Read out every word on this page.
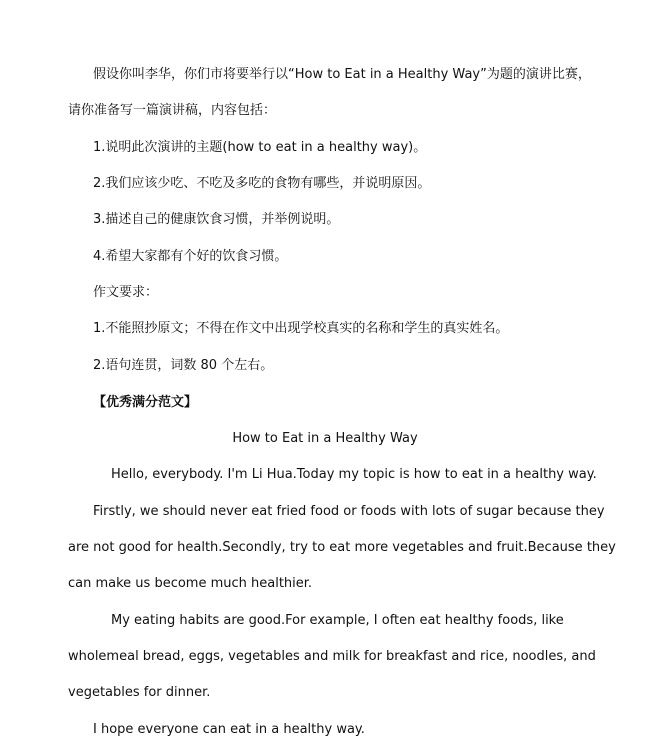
假设你叫李华，你们市将要举行以“How to Eat in a Healthy Way”为题的演讲比赛，
请你准备写一篇演讲稿，内容包括：
1.说明此次演讲的主题(how to eat in a healthy way)。
2.我们应该少吃、不吃及多吃的食物有哪些，并说明原因。
3.描述自己的健康饮食习惯，并举例说明。
4.希望大家都有个好的饮食习惯。
作文要求：
1.不能照抄原文；不得在作文中出现学校真实的名称和学生的真实姓名。
2.语句连贯，词数 80 个左右。
【优秀满分范文】
How to Eat in a Healthy Way
Hello, everybody. I'm Li Hua.Today my topic is how to eat in a healthy way.
Firstly, we should never eat fried food or foods with lots of sugar because they
are not good for health.Secondly, try to eat more vegetables and fruit.Because they
can make us become much healthier.
My eating habits are good.For example, I often eat healthy foods, like
wholemeal bread, eggs, vegetables and milk for breakfast and rice, noodles, and
vegetables for dinner.
I hope everyone can eat in a healthy way.
